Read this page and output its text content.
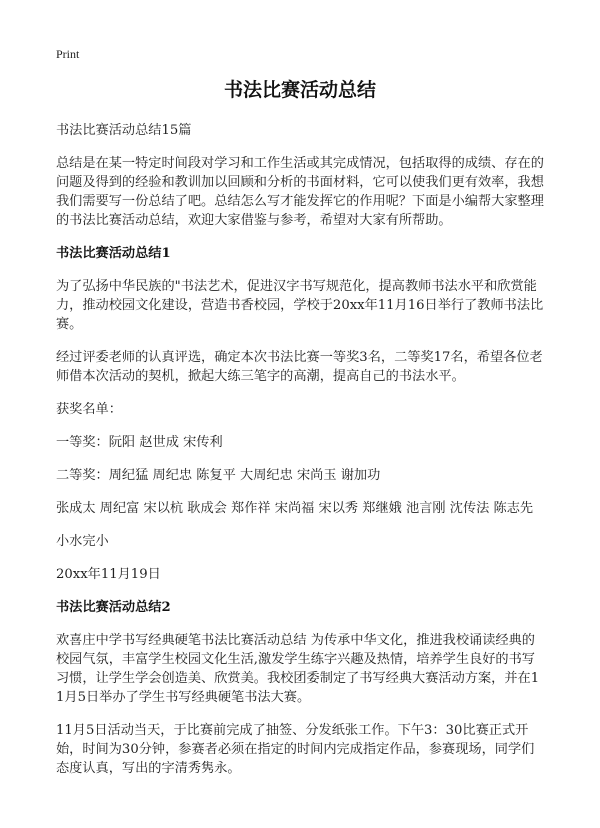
Print
书法比赛活动总结

书法比赛活动总结15篇

总结是在某一特定时间段对学习和工作生活或其完成情况，包括取得的成绩、存在的问题及得到的经验和教训加以回顾和分析的书面材料，它可以使我们更有效率，我想我们需要写一份总结了吧。总结怎么写才能发挥它的作用呢？下面是小编帮大家整理的书法比赛活动总结，欢迎大家借鉴与参考，希望对大家有所帮助。

书法比赛活动总结1

为了弘扬中华民族的"书法艺术，促进汉字书写规范化，提高教师书法水平和欣赏能力，推动校园文化建设，营造书香校园，学校于20xx年11月16日举行了教师书法比赛。

经过评委老师的认真评选，确定本次书法比赛一等奖3名，二等奖17名，希望各位老师借本次活动的契机，掀起大练三笔字的高潮，提高自己的书法水平。

获奖名单：

一等奖：阮阳 赵世成 宋传利

二等奖：周纪猛 周纪忠 陈复平 大周纪忠 宋尚玉 谢加功

张成太 周纪富 宋以杭 耿成会 郑作祥 宋尚福 宋以秀 郑继娥 池言刚 沈传法 陈志先

小水完小

20xx年11月19日

书法比赛活动总结2

欢喜庄中学书写经典硬笔书法比赛活动总结 为传承中华文化，推进我校诵读经典的校园气氛，丰富学生校园文化生活,激发学生练字兴趣及热情，培养学生良好的书写习惯，让学生学会创造美、欣赏美。我校团委制定了书写经典大赛活动方案，并在11月5日举办了学生书写经典硬笔书法大赛。

11月5日活动当天，于比赛前完成了抽签、分发纸张工作。下午3：30比赛正式开始，时间为30分钟，参赛者必须在指定的时间内完成指定作品，参赛现场，同学们态度认真，写出的字清秀隽永。
